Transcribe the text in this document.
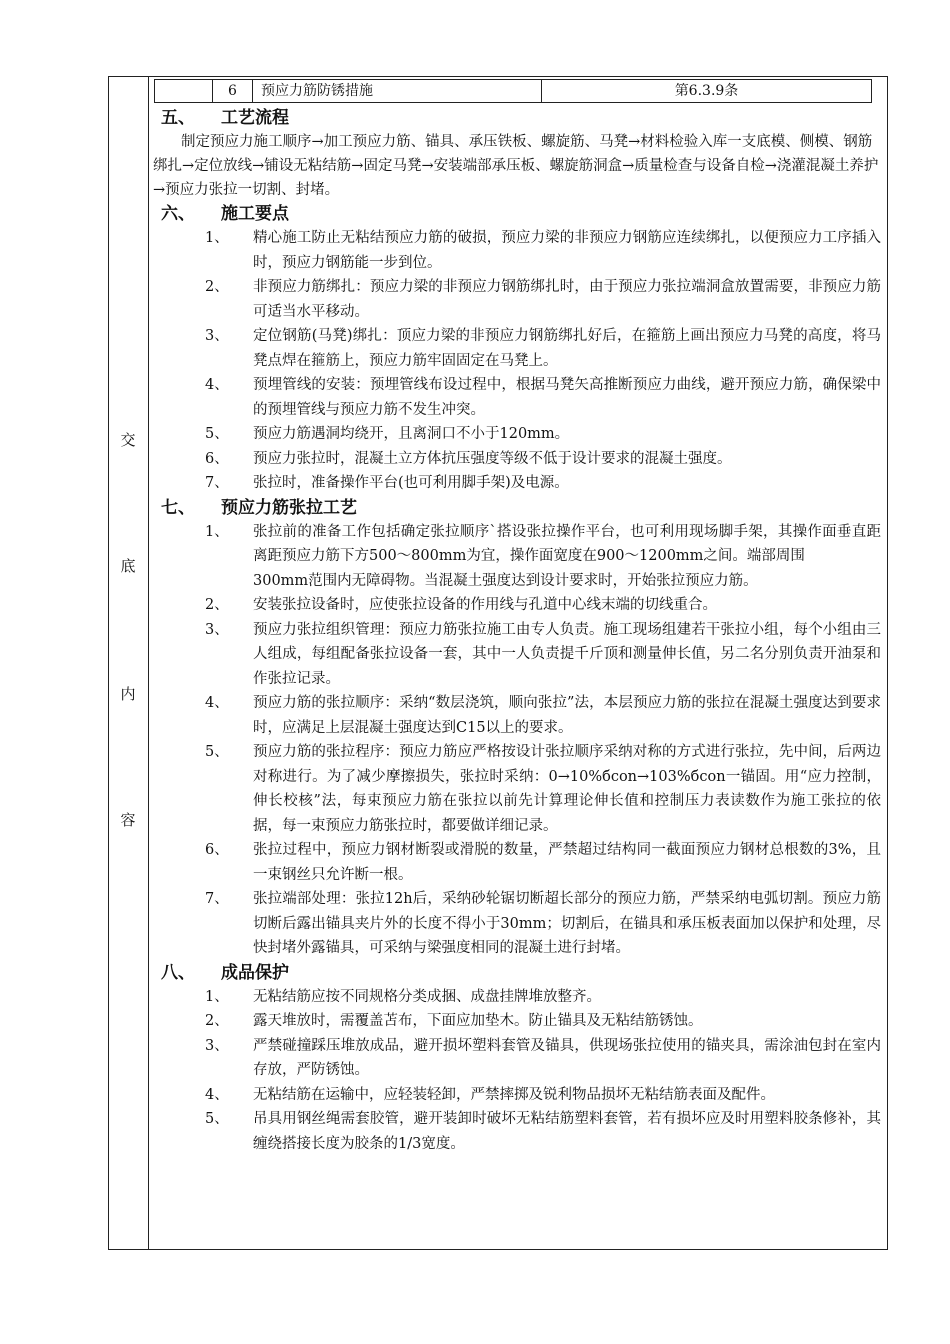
交
底
内
容
6	预应力筋防锈措施	第6.3.9条
五、 工艺流程
制定预应力施工顺序→加工预应力筋、锚具、承压铁板、螺旋筋、马凳→材料检验入库一支底模、侧模、钢筋绑扎→定位放线→铺设无粘结筋→固定马凳→安装端部承压板、螺旋筋洞盒→质量检查与设备自检→浇灌混凝土养护→预应力张拉一切割、封堵。
六、 施工要点
1、	精心施工防止无粘结预应力筋的破损，预应力梁的非预应力钢筋应连续绑扎，以便预应力工序插入时，预应力钢筋能一步到位。
2、	非预应力筋绑扎：预应力梁的非预应力钢筋绑扎时，由于预应力张拉端洞盒放置需要，非预应力筋可适当水平移动。
3、	定位钢筋(马凳)绑扎：顶应力梁的非预应力钢筋绑扎好后，在箍筋上画出预应力马凳的高度，将马凳点焊在箍筋上，预应力筋牢固固定在马凳上。
4、	预埋管线的安装：预埋管线布设过程中，根据马凳矢高推断预应力曲线，避开预应力筋，确保梁中的预埋管线与预应力筋不发生冲突。
5、	预应力筋遇洞均绕开，且离洞口不小于120mm。
6、	预应力张拉时，混凝土立方体抗压强度等级不低于设计要求的混凝土强度。
7、	张拉时，准备操作平台(也可利用脚手架)及电源。
七、 预应力筋张拉工艺
1、	张拉前的准备工作包括确定张拉顺序`搭设张拉操作平台，也可利用现场脚手架，其操作面垂直距离距预应力筋下方500～800mm为宜，操作面宽度在900～1200mm之间。端部周围
300mm范围内无障碍物。当混凝土强度达到设计要求时，开始张拉预应力筋。
2、	安装张拉设备时，应使张拉设备的作用线与孔道中心线末端的切线重合。
3、	预应力张拉组织管理：预应力筋张拉施工由专人负责。施工现场组建若干张拉小组，每个小组由三人组成，每组配备张拉设备一套，其中一人负责提千斤顶和测量伸长值，另二名分别负责开油泵和作张拉记录。
4、	预应力筋的张拉顺序：采纳“数层浇筑，顺向张拉”法，本层预应力筋的张拉在混凝土强度达到要求时，应满足上层混凝土强度达到C15以上的要求。
5、	预应力筋的张拉程序：预应力筋应严格按设计张拉顺序采纳对称的方式进行张拉，先中间，后两边对称进行。为了减少摩擦损失，张拉时采纳：0→10%бcon→103%бcon一锚固。用“应力控制，伸长校核”法，每束预应力筋在张拉以前先计算理论伸长值和控制压力表读数作为施工张拉的依据，每一束预应力筋张拉时，都要做详细记录。
6、	张拉过程中，预应力钢材断裂或滑脱的数量，严禁超过结构同一截面预应力钢材总根数的3%，且一束钢丝只允许断一根。
7、	张拉端部处理：张拉12h后，采纳砂轮锯切断超长部分的预应力筋，严禁采纳电弧切割。预应力筋切断后露出锚具夹片外的长度不得小于30mm；切割后，在锚具和承压板表面加以保护和处理，尽快封堵外露锚具，可采纳与梁强度相同的混凝土进行封堵。
八、 成品保护
1、	无粘结筋应按不同规格分类成捆、成盘挂牌堆放整齐。
2、	露天堆放时，需覆盖苫布，下面应加垫木。防止锚具及无粘结筋锈蚀。
3、	严禁碰撞踩压堆放成品，避开损坏塑料套管及锚具，供现场张拉使用的锚夹具，需涂油包封在室内存放，严防锈蚀。
4、	无粘结筋在运输中，应轻装轻卸，严禁摔掷及锐利物品损坏无粘结筋表面及配件。
5、	吊具用钢丝绳需套胶管，避开装卸时破坏无粘结筋塑料套管，若有损坏应及时用塑料胶条修补，其缠绕搭接长度为胶条的1/3宽度。
